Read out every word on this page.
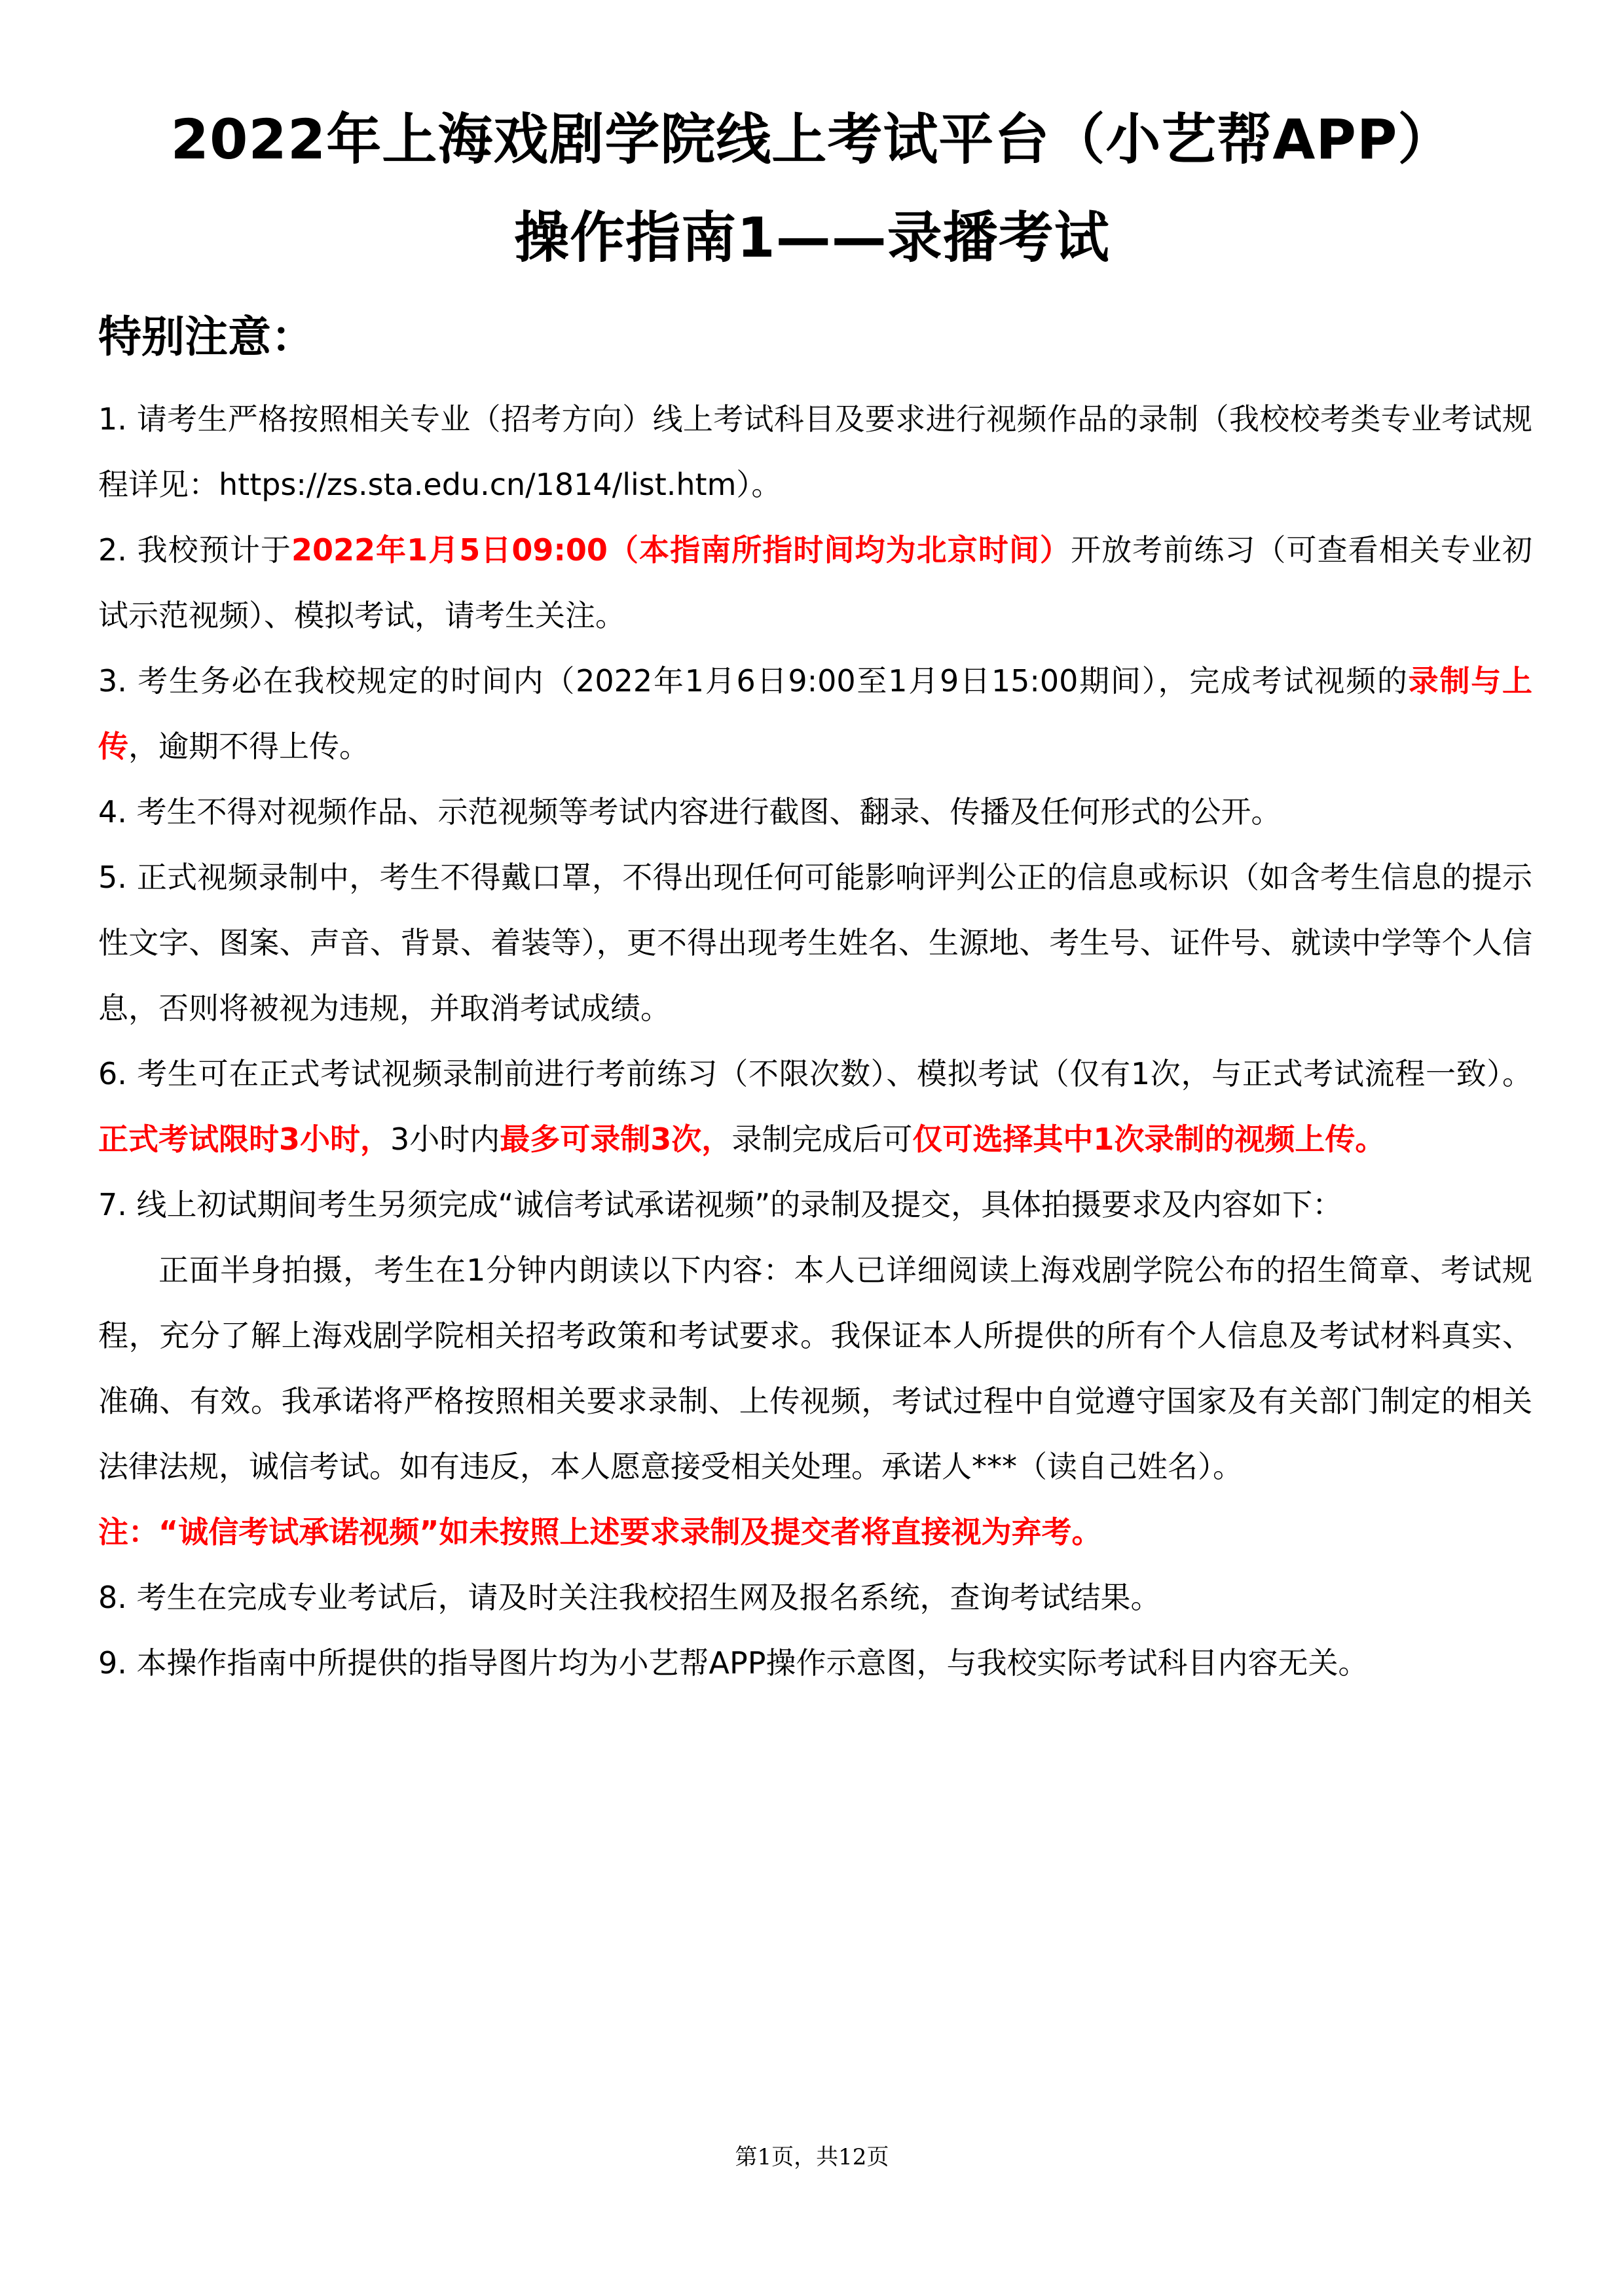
2022年上海戏剧学院线上考试平台（小艺帮APP）
操作指南1——录播考试
特别注意：

1. 请考生严格按照相关专业（招考方向）线上考试科目及要求进行视频作品的录制（我校校考类专业考试规程详见：https://zs.sta.edu.cn/1814/list.htm）。

2. 我校预计于2022年1月5日09:00（本指南所指时间均为北京时间）开放考前练习（可查看相关专业初试示范视频）、模拟考试，请考生关注。

3. 考生务必在我校规定的时间内（2022年1月6日9:00至1月9日15:00期间），完成考试视频的录制与上传，逾期不得上传。

4. 考生不得对视频作品、示范视频等考试内容进行截图、翻录、传播及任何形式的公开。

5. 正式视频录制中，考生不得戴口罩，不得出现任何可能影响评判公正的信息或标识（如含考生信息的提示性文字、图案、声音、背景、着装等），更不得出现考生姓名、生源地、考生号、证件号、就读中学等个人信息，否则将被视为违规，并取消考试成绩。

6. 考生可在正式考试视频录制前进行考前练习（不限次数）、模拟考试（仅有1次，与正式考试流程一致）。正式考试限时3小时，3小时内最多可录制3次，录制完成后可仅可选择其中1次录制的视频上传。

7. 线上初试期间考生另须完成“诚信考试承诺视频”的录制及提交，具体拍摄要求及内容如下：

正面半身拍摄，考生在1分钟内朗读以下内容：本人已详细阅读上海戏剧学院公布的招生简章、考试规程，充分了解上海戏剧学院相关招考政策和考试要求。我保证本人所提供的所有个人信息及考试材料真实、准确、有效。我承诺将严格按照相关要求录制、上传视频，考试过程中自觉遵守国家及有关部门制定的相关法律法规，诚信考试。如有违反，本人愿意接受相关处理。承诺人***（读自己姓名）。

注：“诚信考试承诺视频”如未按照上述要求录制及提交者将直接视为弃考。

8. 考生在完成专业考试后，请及时关注我校招生网及报名系统，查询考试结果。

9. 本操作指南中所提供的指导图片均为小艺帮APP操作示意图，与我校实际考试科目内容无关。

第1页，共12页
